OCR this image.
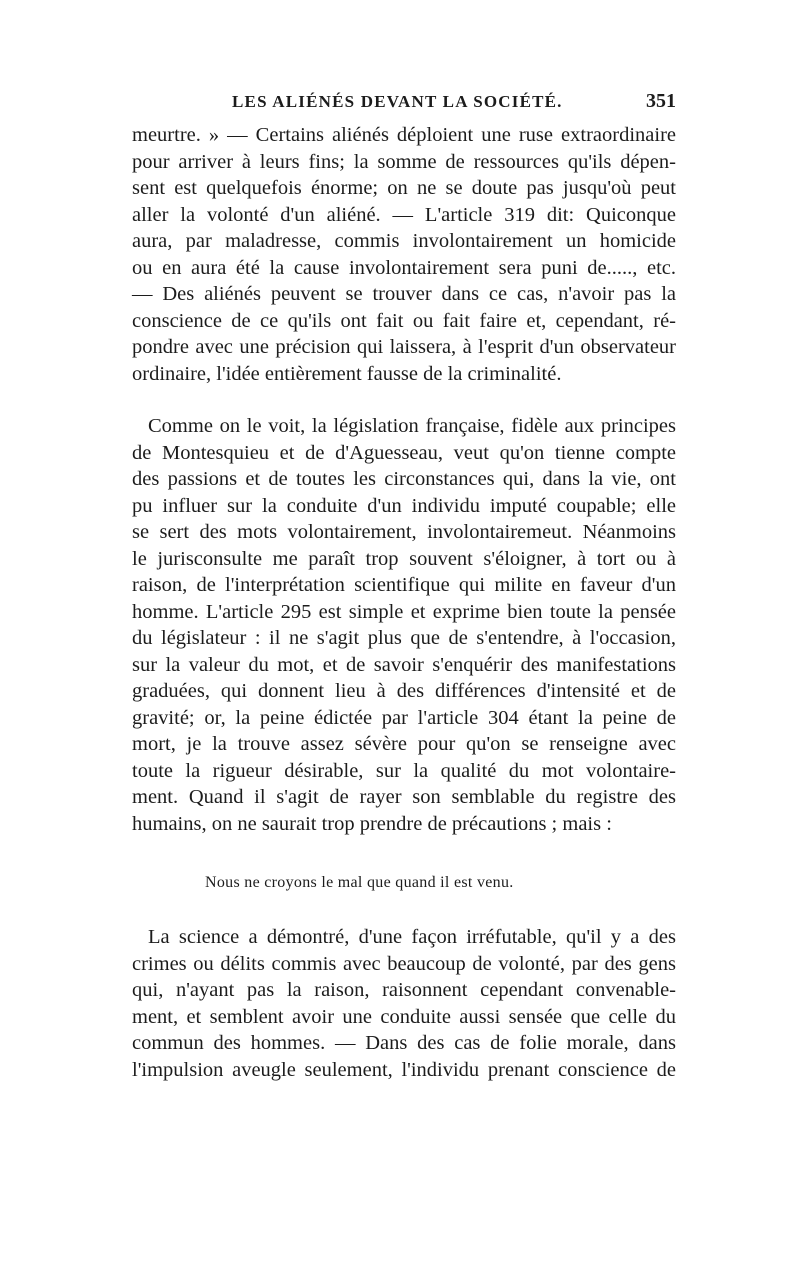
LES ALIÉNÉS DEVANT LA SOCIÉTÉ.	351
meurtre. » — Certains aliénés déploient une ruse extraordinaire
pour arriver à leurs fins; la somme de ressources qu'ils dépen-
sent est quelquefois énorme; on ne se doute pas jusqu'où peut
aller la volonté d'un aliéné. — L'article 319 dit: Quiconque
aura, par maladresse, commis involontairement un homicide
ou en aura été la cause involontairement sera puni de....., etc.
— Des aliénés peuvent se trouver dans ce cas, n'avoir pas la
conscience de ce qu'ils ont fait ou fait faire et, cependant, ré-
pondre avec une précision qui laissera, à l'esprit d'un observateur
ordinaire, l'idée entièrement fausse de la criminalité.
Comme on le voit, la législation française, fidèle aux principes
de Montesquieu et de d'Aguesseau, veut qu'on tienne compte
des passions et de toutes les circonstances qui, dans la vie, ont
pu influer sur la conduite d'un individu imputé coupable; elle
se sert des mots volontairement, involontairemeut. Néanmoins
le jurisconsulte me paraît trop souvent s'éloigner, à tort ou à
raison, de l'interprétation scientifique qui milite en faveur d'un
homme. L'article 295 est simple et exprime bien toute la pensée
du législateur : il ne s'agit plus que de s'entendre, à l'occasion,
sur la valeur du mot, et de savoir s'enquérir des manifestations
graduées, qui donnent lieu à des différences d'intensité et de
gravité; or, la peine édictée par l'article 304 étant la peine de
mort, je la trouve assez sévère pour qu'on se renseigne avec
toute la rigueur désirable, sur la qualité du mot volontaire-
ment. Quand il s'agit de rayer son semblable du registre des
humains, on ne saurait trop prendre de précautions ; mais :
Nous ne croyons le mal que quand il est venu.
La science a démontré, d'une façon irréfutable, qu'il y a des
crimes ou délits commis avec beaucoup de volonté, par des gens
qui, n'ayant pas la raison, raisonnent cependant convenable-
ment, et semblent avoir une conduite aussi sensée que celle du
commun des hommes. — Dans des cas de folie morale, dans
l'impulsion aveugle seulement, l'individu prenant conscience de
